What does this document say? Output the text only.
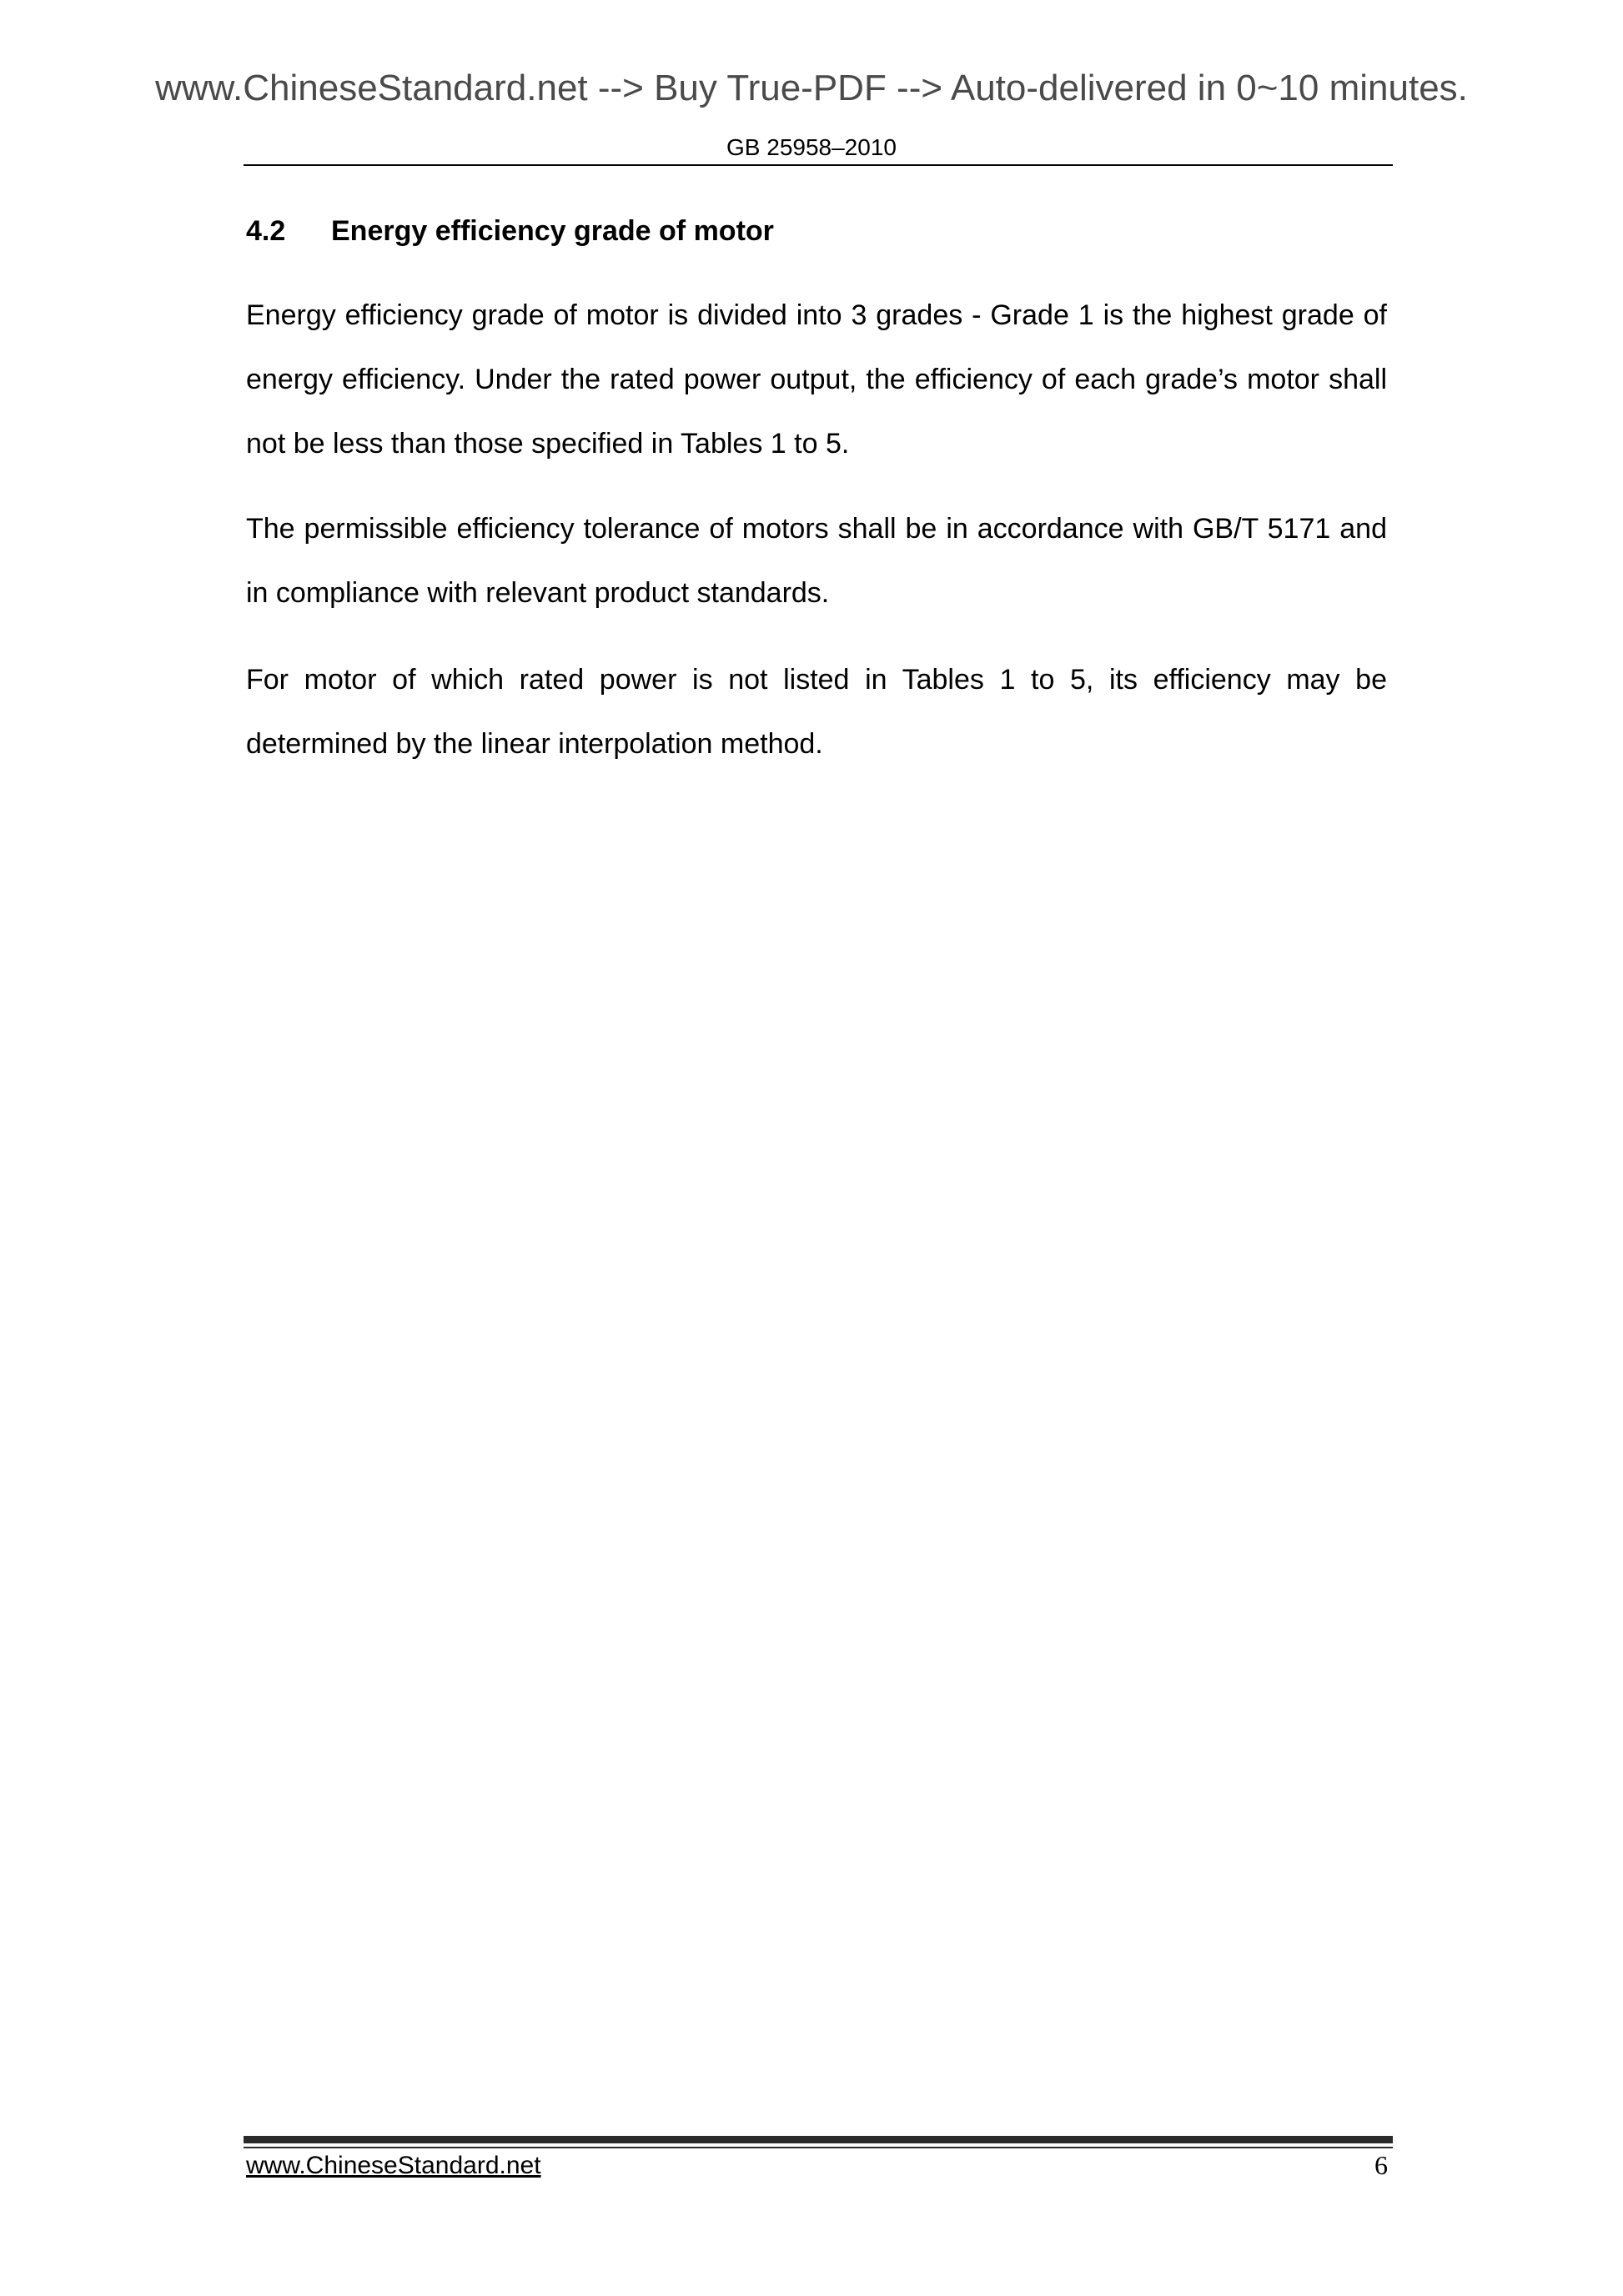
www.ChineseStandard.net --> Buy True-PDF --> Auto-delivered in 0~10 minutes.
GB 25958–2010
4.2 Energy efficiency grade of motor
Energy efficiency grade of motor is divided into 3 grades - Grade 1 is the highest grade of energy efficiency. Under the rated power output, the efficiency of each grade’s motor shall not be less than those specified in Tables 1 to 5.
The permissible efficiency tolerance of motors shall be in accordance with GB/T 5171 and in compliance with relevant product standards.
For motor of which rated power is not listed in Tables 1 to 5, its efficiency may be determined by the linear interpolation method.
www.ChineseStandard.net	6
